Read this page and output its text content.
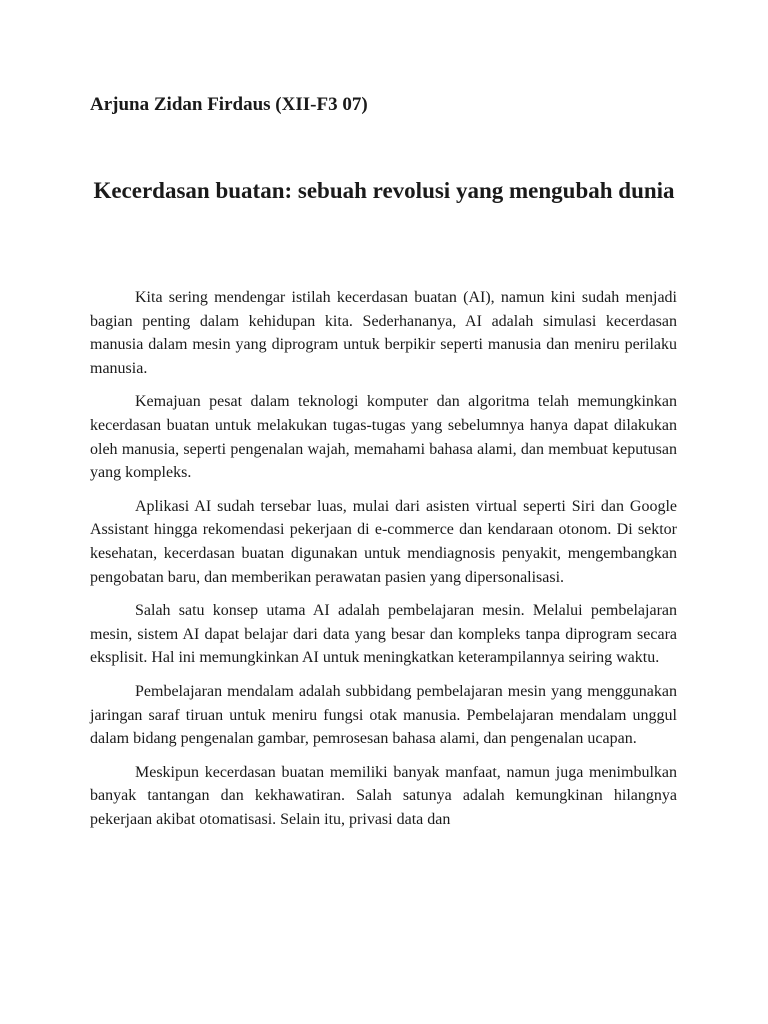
Arjuna Zidan Firdaus (XII-F3 07)
Kecerdasan buatan: sebuah revolusi yang mengubah dunia

Kita sering mendengar istilah kecerdasan buatan (AI), namun kini sudah menjadi bagian penting dalam kehidupan kita. Sederhananya, AI adalah simulasi kecerdasan manusia dalam mesin yang diprogram untuk berpikir seperti manusia dan meniru perilaku manusia.

Kemajuan pesat dalam teknologi komputer dan algoritma telah memungkinkan kecerdasan buatan untuk melakukan tugas-tugas yang sebelumnya hanya dapat dilakukan oleh manusia, seperti pengenalan wajah, memahami bahasa alami, dan membuat keputusan yang kompleks.

Aplikasi AI sudah tersebar luas, mulai dari asisten virtual seperti Siri dan Google Assistant hingga rekomendasi pekerjaan di e-commerce dan kendaraan otonom. Di sektor kesehatan, kecerdasan buatan digunakan untuk mendiagnosis penyakit, mengembangkan pengobatan baru, dan memberikan perawatan pasien yang dipersonalisasi.

Salah satu konsep utama AI adalah pembelajaran mesin. Melalui pembelajaran mesin, sistem AI dapat belajar dari data yang besar dan kompleks tanpa diprogram secara eksplisit. Hal ini memungkinkan AI untuk meningkatkan keterampilannya seiring waktu.

Pembelajaran mendalam adalah subbidang pembelajaran mesin yang menggunakan jaringan saraf tiruan untuk meniru fungsi otak manusia. Pembelajaran mendalam unggul dalam bidang pengenalan gambar, pemrosesan bahasa alami, dan pengenalan ucapan.

Meskipun kecerdasan buatan memiliki banyak manfaat, namun juga menimbulkan banyak tantangan dan kekhawatiran. Salah satunya adalah kemungkinan hilangnya pekerjaan akibat otomatisasi. Selain itu, privasi data dan
